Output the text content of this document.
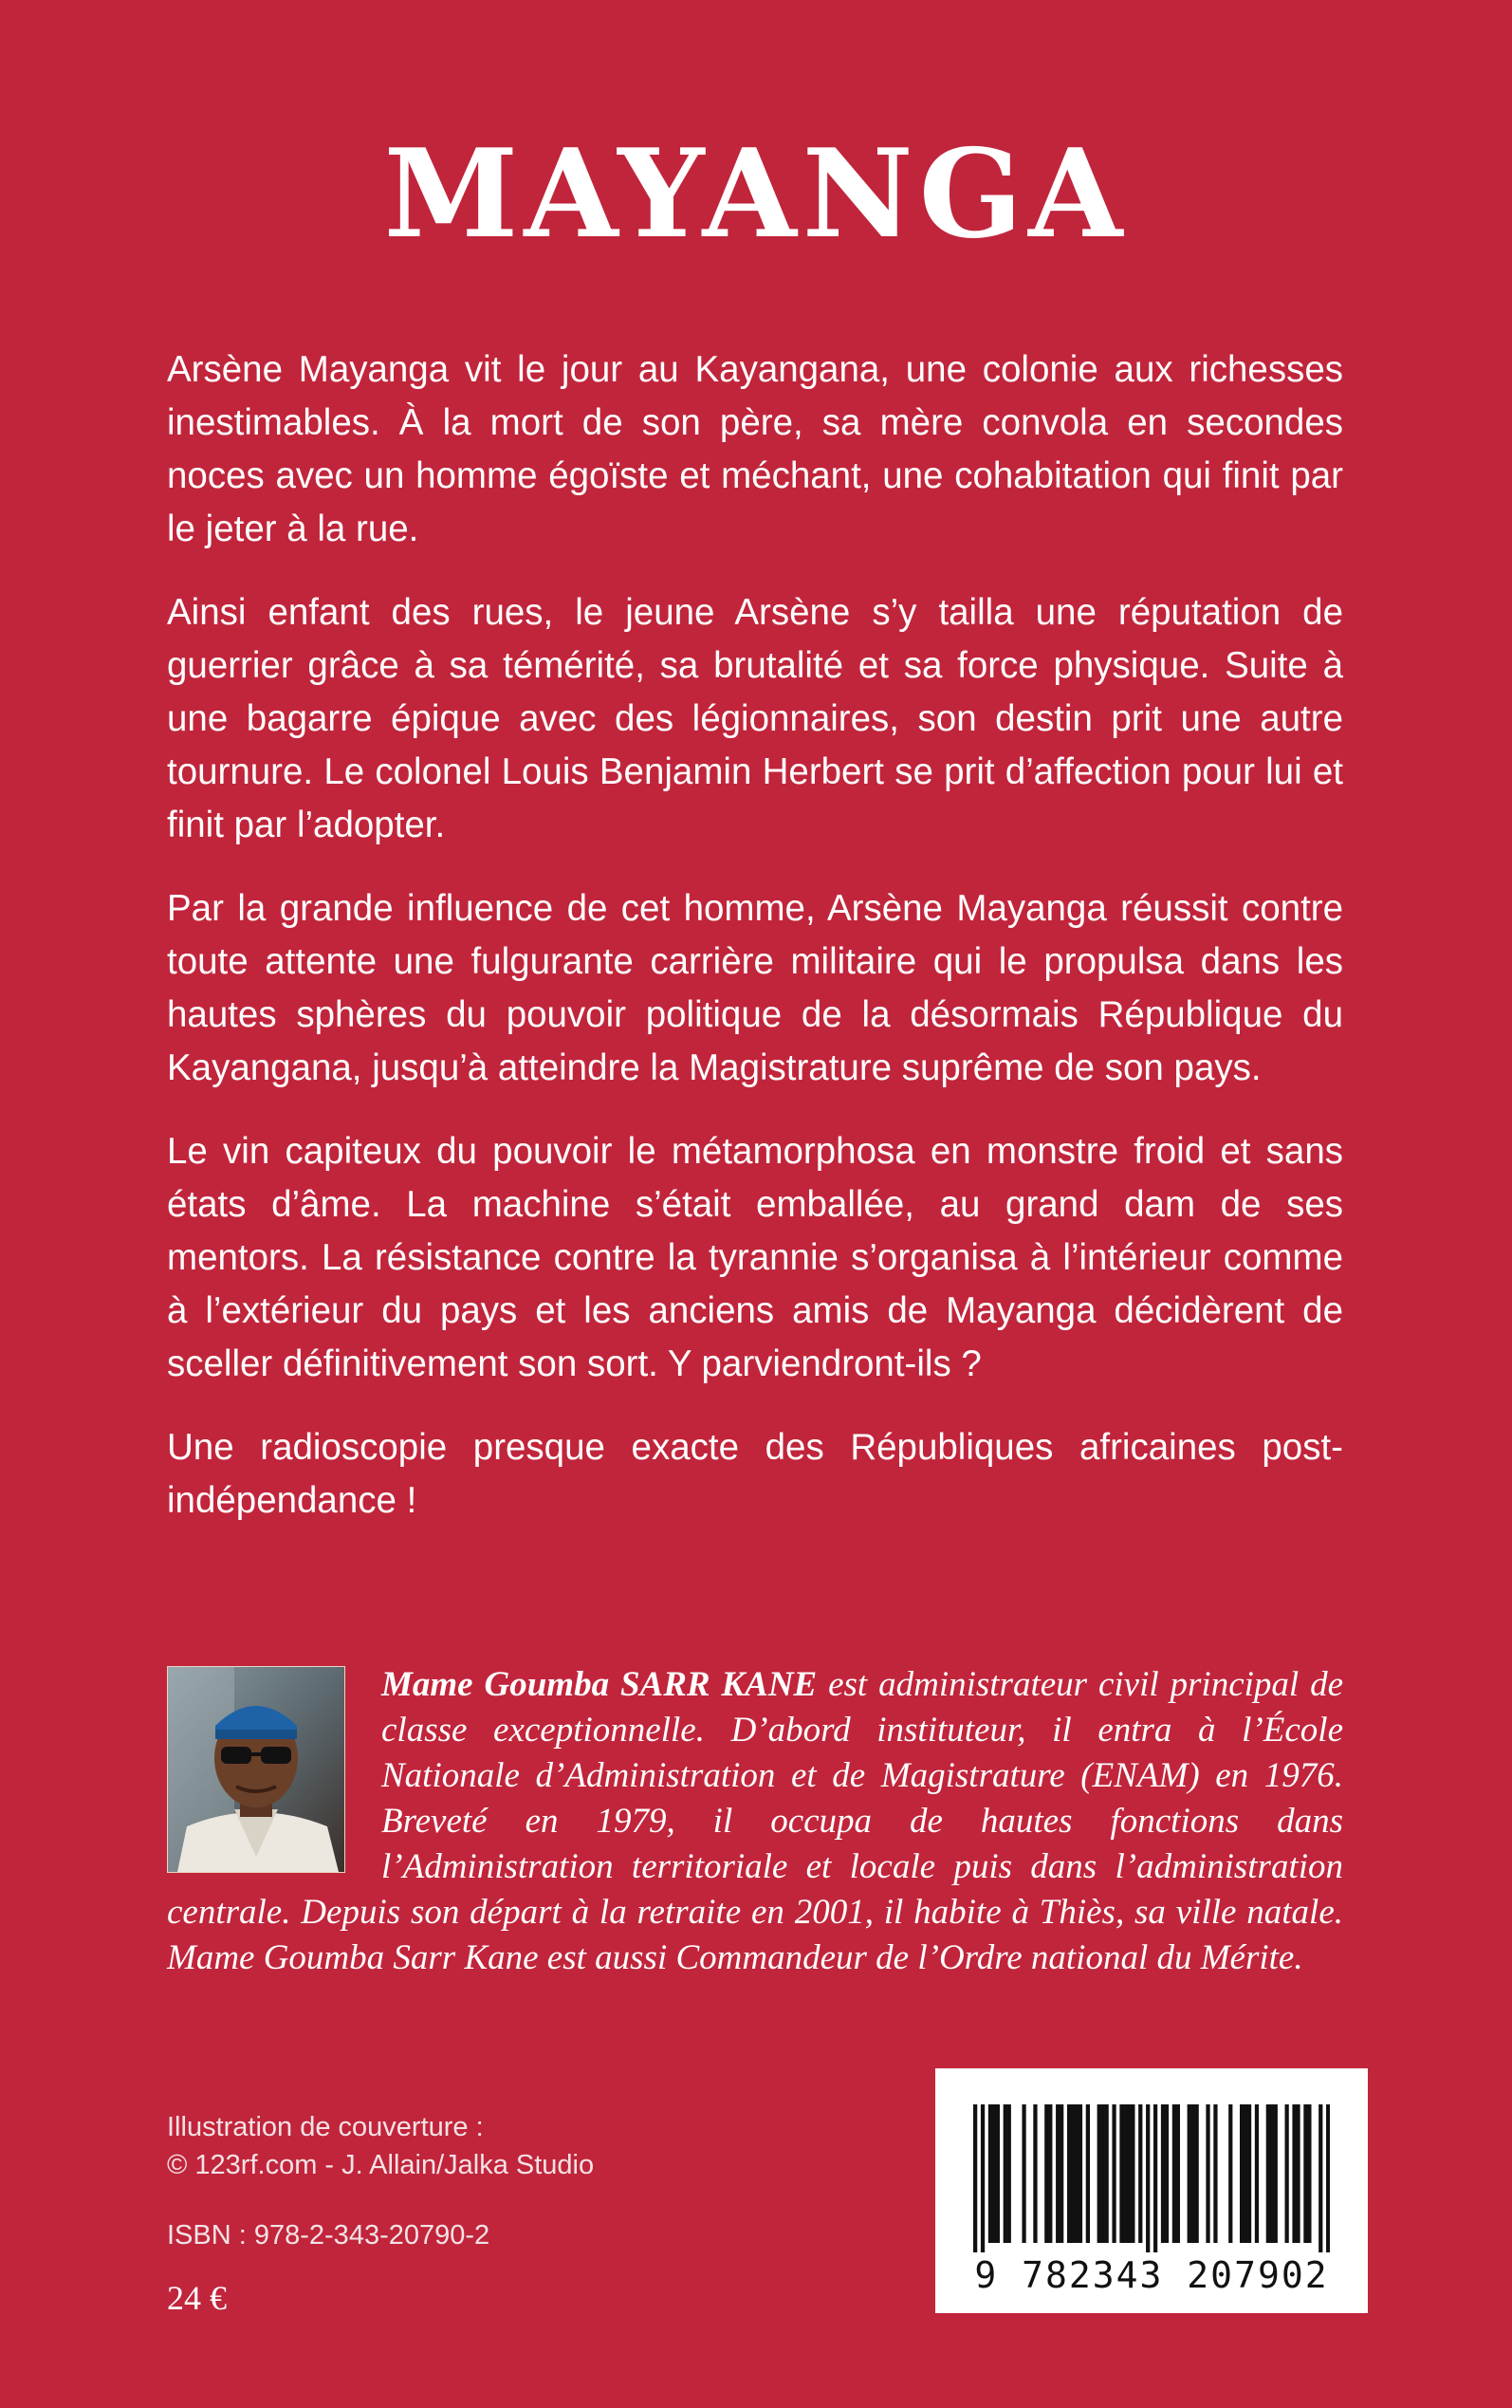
MAYANGA

Arsène Mayanga vit le jour au Kayangana, une colonie aux richesses inestimables. À la mort de son père, sa mère convola en secondes noces avec un homme égoïste et méchant, une cohabitation qui finit par le jeter à la rue.

Ainsi enfant des rues, le jeune Arsène s’y tailla une réputation de guerrier grâce à sa témérité, sa brutalité et sa force physique. Suite à une bagarre épique avec des légionnaires, son destin prit une autre tournure. Le colonel Louis Benjamin Herbert se prit d’affection pour lui et finit par l’adopter.

Par la grande influence de cet homme, Arsène Mayanga réussit contre toute attente une fulgurante carrière militaire qui le propulsa dans les hautes sphères du pouvoir politique de la désormais République du Kayangana, jusqu’à atteindre la Magistrature suprême de son pays.

Le vin capiteux du pouvoir le métamorphosa en monstre froid et sans états d’âme. La machine s’était emballée, au grand dam de ses mentors. La résistance contre la tyrannie s’organisa à l’intérieur comme à l’extérieur du pays et les anciens amis de Mayanga décidèrent de sceller définitivement son sort. Y parviendront-ils ?

Une radioscopie presque exacte des Républiques africaines post-indépendance !

Mame Goumba SARR KANE est administrateur civil principal de classe exceptionnelle. D’abord instituteur, il entra à l’École Nationale d’Administration et de Magistrature (ENAM) en 1976. Breveté en 1979, il occupa de hautes fonctions dans l’Administration territoriale et locale puis dans l’administration centrale. Depuis son départ à la retraite en 2001, il habite à Thiès, sa ville natale. Mame Goumba Sarr Kane est aussi Commandeur de l’Ordre national du Mérite.
Illustration de couverture :
© 123rf.com - J. Allain/Jalka Studio
ISBN : 978-2-343-20790-2
24 €
9 782343 207902
